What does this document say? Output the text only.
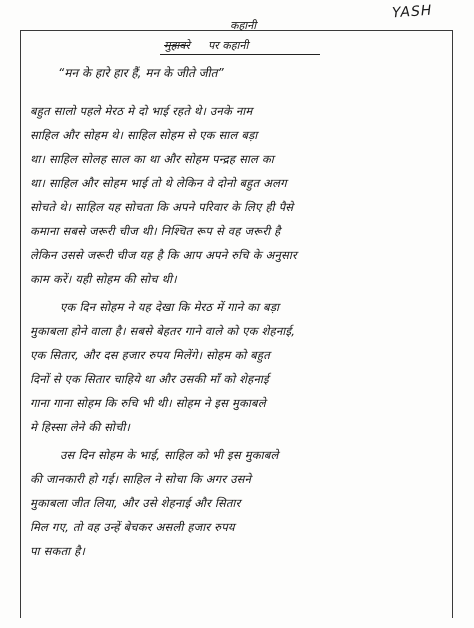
YASH
कहानी
मुहावरे पर कहानी
“मन के हारे हार हैं, मन के जीते जीत”
बहुत सालो पहले मेरठ मे दो भाई रहते थे। उनके नाम
साहिल और सोहम थे। साहिल सोहम से एक साल बड़ा
था। साहिल सोलह साल का था और सोहम पन्द्रह साल का
था। साहिल और सोहम भाई तो थे लेकिन वे दोनो बहुत अलग
सोचते थे। साहिल यह सोचता कि अपने परिवार के लिए ही पैसे
कमाना सबसे जरूरी चीज थी। निश्चित रूप से वह जरूरी है
लेकिन उससे जरूरी चीज यह है कि आप अपने रुचि के अनुसार
काम करें। यही सोहम की सोच थी।
एक दिन सोहम ने यह देखा कि मेरठ में गाने का बड़ा
मुकाबला होने वाला है। सबसे बेहतर गाने वाले को एक शेहनाई,
एक सितार, और दस हजार रुपय मिलेंगे। सोहम को बहुत
दिनों से एक सितार चाहिये था और उसकी माँ को शेहनाई
गाना गाना सोहम कि रुचि भी थी। सोहम ने इस मुकाबले
मे हिस्सा लेने की सोची।
उस दिन सोहम के भाई, साहिल को भी इस मुकाबले
की जानकारी हो गई। साहिल ने सोचा कि अगर उसने
मुकाबला जीत लिया, और उसे शेहनाई और सितार
मिल गए, तो वह उन्हें बेचकर असली हजार रुपय
पा सकता है।
